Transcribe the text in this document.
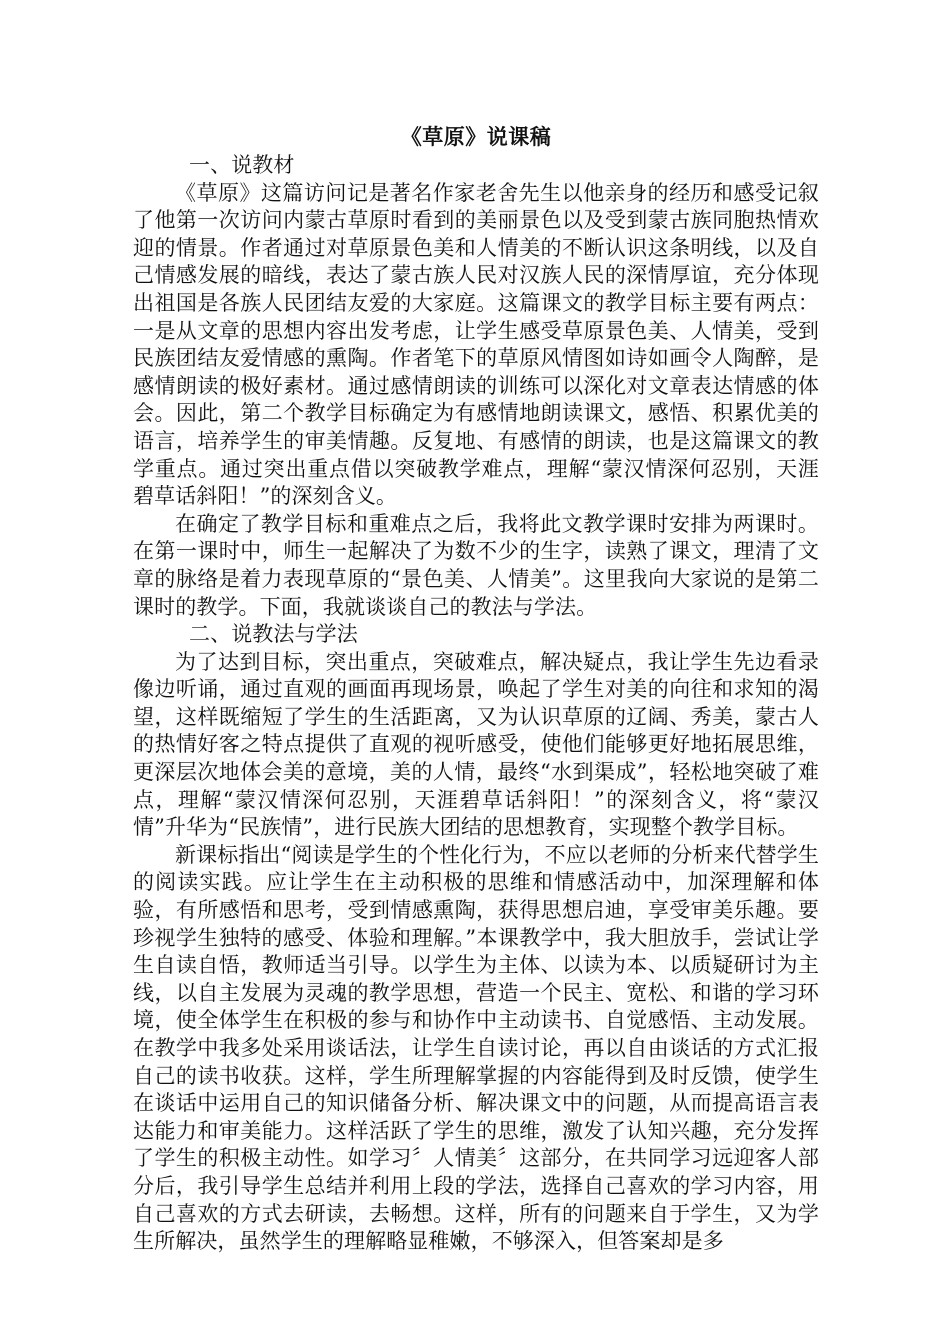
《草原》说课稿

一、说教材

《草原》这篇访问记是著名作家老舍先生以他亲身的经历和感受记叙了他第一次访问内蒙古草原时看到的美丽景色以及受到蒙古族同胞热情欢迎的情景。作者通过对草原景色美和人情美的不断认识这条明线，以及自己情感发展的暗线，表达了蒙古族人民对汉族人民的深情厚谊，充分体现出祖国是各族人民团结友爱的大家庭。这篇课文的教学目标主要有两点：一是从文章的思想内容出发考虑，让学生感受草原景色美、人情美，受到民族团结友爱情感的熏陶。作者笔下的草原风情图如诗如画令人陶醉，是感情朗读的极好素材。通过感情朗读的训练可以深化对文章表达情感的体会。因此，第二个教学目标确定为有感情地朗读课文，感悟、积累优美的语言，培养学生的审美情趣。反复地、有感情的朗读，也是这篇课文的教学重点。通过突出重点借以突破教学难点，理解“蒙汉情深何忍别，天涯碧草话斜阳！”的深刻含义。

在确定了教学目标和重难点之后，我将此文教学课时安排为两课时。在第一课时中，师生一起解决了为数不少的生字，读熟了课文，理清了文章的脉络是着力表现草原的“景色美、人情美”。这里我向大家说的是第二课时的教学。下面，我就谈谈自己的教法与学法。

二、说教法与学法

为了达到目标，突出重点，突破难点，解决疑点，我让学生先边看录像边听诵，通过直观的画面再现场景，唤起了学生对美的向往和求知的渴望，这样既缩短了学生的生活距离，又为认识草原的辽阔、秀美，蒙古人的热情好客之特点提供了直观的视听感受，使他们能够更好地拓展思维，更深层次地体会美的意境，美的人情，最终“水到渠成”，轻松地突破了难点，理解“蒙汉情深何忍别，天涯碧草话斜阳！”的深刻含义，将“蒙汉情”升华为“民族情”，进行民族大团结的思想教育，实现整个教学目标。

新课标指出“阅读是学生的个性化行为，不应以老师的分析来代替学生的阅读实践。应让学生在主动积极的思维和情感活动中，加深理解和体验，有所感悟和思考，受到情感熏陶，获得思想启迪，享受审美乐趣。要珍视学生独特的感受、体验和理解。”本课教学中，我大胆放手，尝试让学生自读自悟，教师适当引导。以学生为主体、以读为本、以质疑研讨为主线，以自主发展为灵魂的教学思想，营造一个民主、宽松、和谐的学习环境，使全体学生在积极的参与和协作中主动读书、自觉感悟、主动发展。在教学中我多处采用谈话法，让学生自读讨论，再以自由谈话的方式汇报自己的读书收获。这样，学生所理解掌握的内容能得到及时反馈，使学生在谈话中运用自己的知识储备分析、解决课文中的问题，从而提高语言表达能力和审美能力。这样活跃了学生的思维，激发了认知兴趣，充分发挥了学生的积极主动性。如学习〞人情美〞这部分，在共同学习远迎客人部分后，我引导学生总结并利用上段的学法，选择自己喜欢的学习内容，用自己喜欢的方式去研读，去畅想。这样，所有的问题来自于学生，又为学生所解决，虽然学生的理解略显稚嫩，不够深入，但答案却是多
